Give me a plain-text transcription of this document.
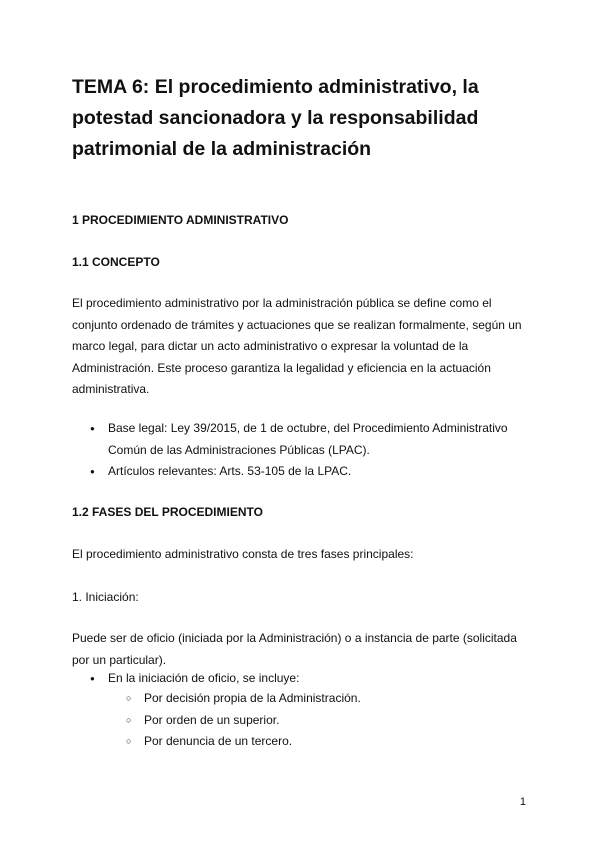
TEMA 6: El procedimiento administrativo, la potestad sancionadora y la responsabilidad patrimonial de la administración
1 PROCEDIMIENTO ADMINISTRATIVO
1.1 CONCEPTO

El procedimiento administrativo por la administración pública se define como el conjunto ordenado de trámites y actuaciones que se realizan formalmente, según un marco legal, para dictar un acto administrativo o expresar la voluntad de la Administración. Este proceso garantiza la legalidad y eficiencia en la actuación administrativa.

● Base legal: Ley 39/2015, de 1 de octubre, del Procedimiento Administrativo Común de las Administraciones Públicas (LPAC).
● Artículos relevantes: Arts. 53-105 de la LPAC.
1.2 FASES DEL PROCEDIMIENTO

El procedimiento administrativo consta de tres fases principales:

1. Iniciación:

Puede ser de oficio (iniciada por la Administración) o a instancia de parte (solicitada por un particular).

● En la iniciación de oficio, se incluye:
○ Por decisión propia de la Administración.
○ Por orden de un superior.
○ Por denuncia de un tercero.
1
